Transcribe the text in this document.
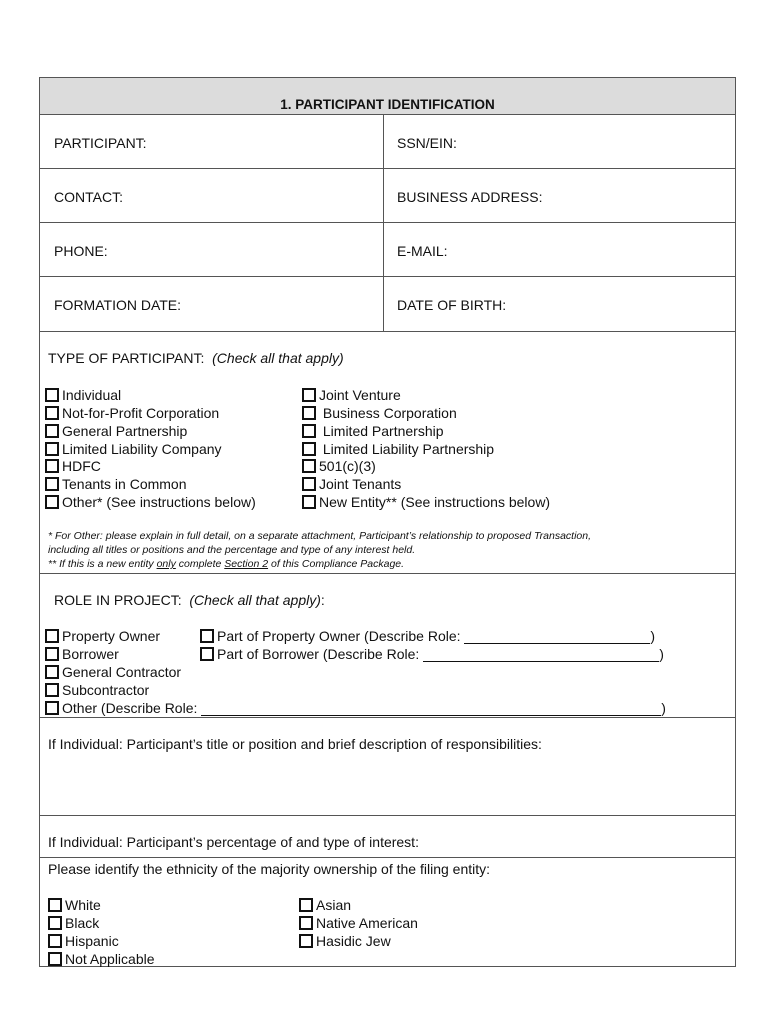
1. PARTICIPANT IDENTIFICATION
PARTICIPANT:	SSN/EIN:
CONTACT:	BUSINESS ADDRESS:
PHONE:	E-MAIL:
FORMATION DATE:	DATE OF BIRTH:
TYPE OF PARTICIPANT: (Check all that apply)
Individual
Not-for-Profit Corporation
General Partnership
Limited Liability Company
HDFC
Tenants in Common
Other* (See instructions below)
Joint Venture
Business Corporation
Limited Partnership
Limited Liability Partnership
501(c)(3)
Joint Tenants
New Entity** (See instructions below)
* For Other: please explain in full detail, on a separate attachment, Participant’s relationship to proposed Transaction,
including all titles or positions and the percentage and type of any interest held.
** If this is a new entity only complete Section 2 of this Compliance Package.
ROLE IN PROJECT: (Check all that apply):
Property Owner
Borrower
General Contractor
Subcontractor
Part of Property Owner (Describe Role:	)
Part of Borrower (Describe Role:	)
Other (Describe Role:	)
If Individual: Participant’s title or position and brief description of responsibilities:
If Individual: Participant’s percentage of and type of interest:
Please identify the ethnicity of the majority ownership of the filing entity:
White
Black
Hispanic
Not Applicable
Asian
Native American
Hasidic Jew
